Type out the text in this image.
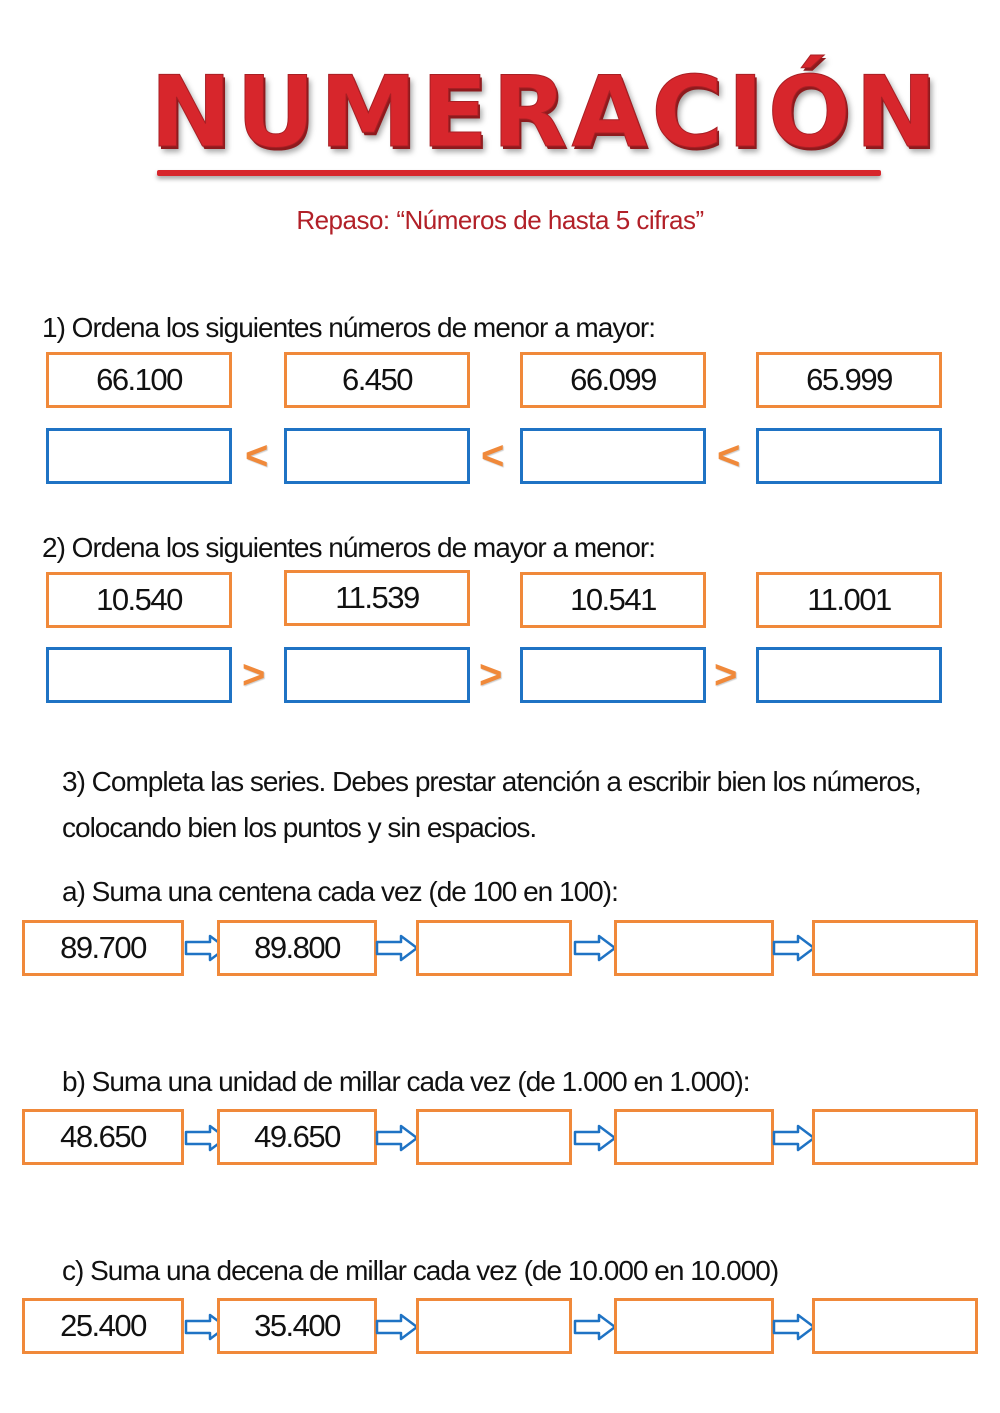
NUMERACIÓN
Repaso: “Números de hasta 5 cifras”
1) Ordena los siguientes números de menor a mayor:
66.100	6.450	66.099	65.999
<	<	<
2) Ordena los siguientes números de mayor a menor:
10.540	11.539	10.541	11.001
>	>	>
3) Completa las series. Debes prestar atención a escribir bien los números,
colocando bien los puntos y sin espacios.
a) Suma una centena cada vez (de 100 en 100):
89.700	89.800
b) Suma una unidad de millar cada vez (de 1.000 en 1.000):
48.650	49.650
c) Suma una decena de millar cada vez (de 10.000 en 10.000)
25.400	35.400
